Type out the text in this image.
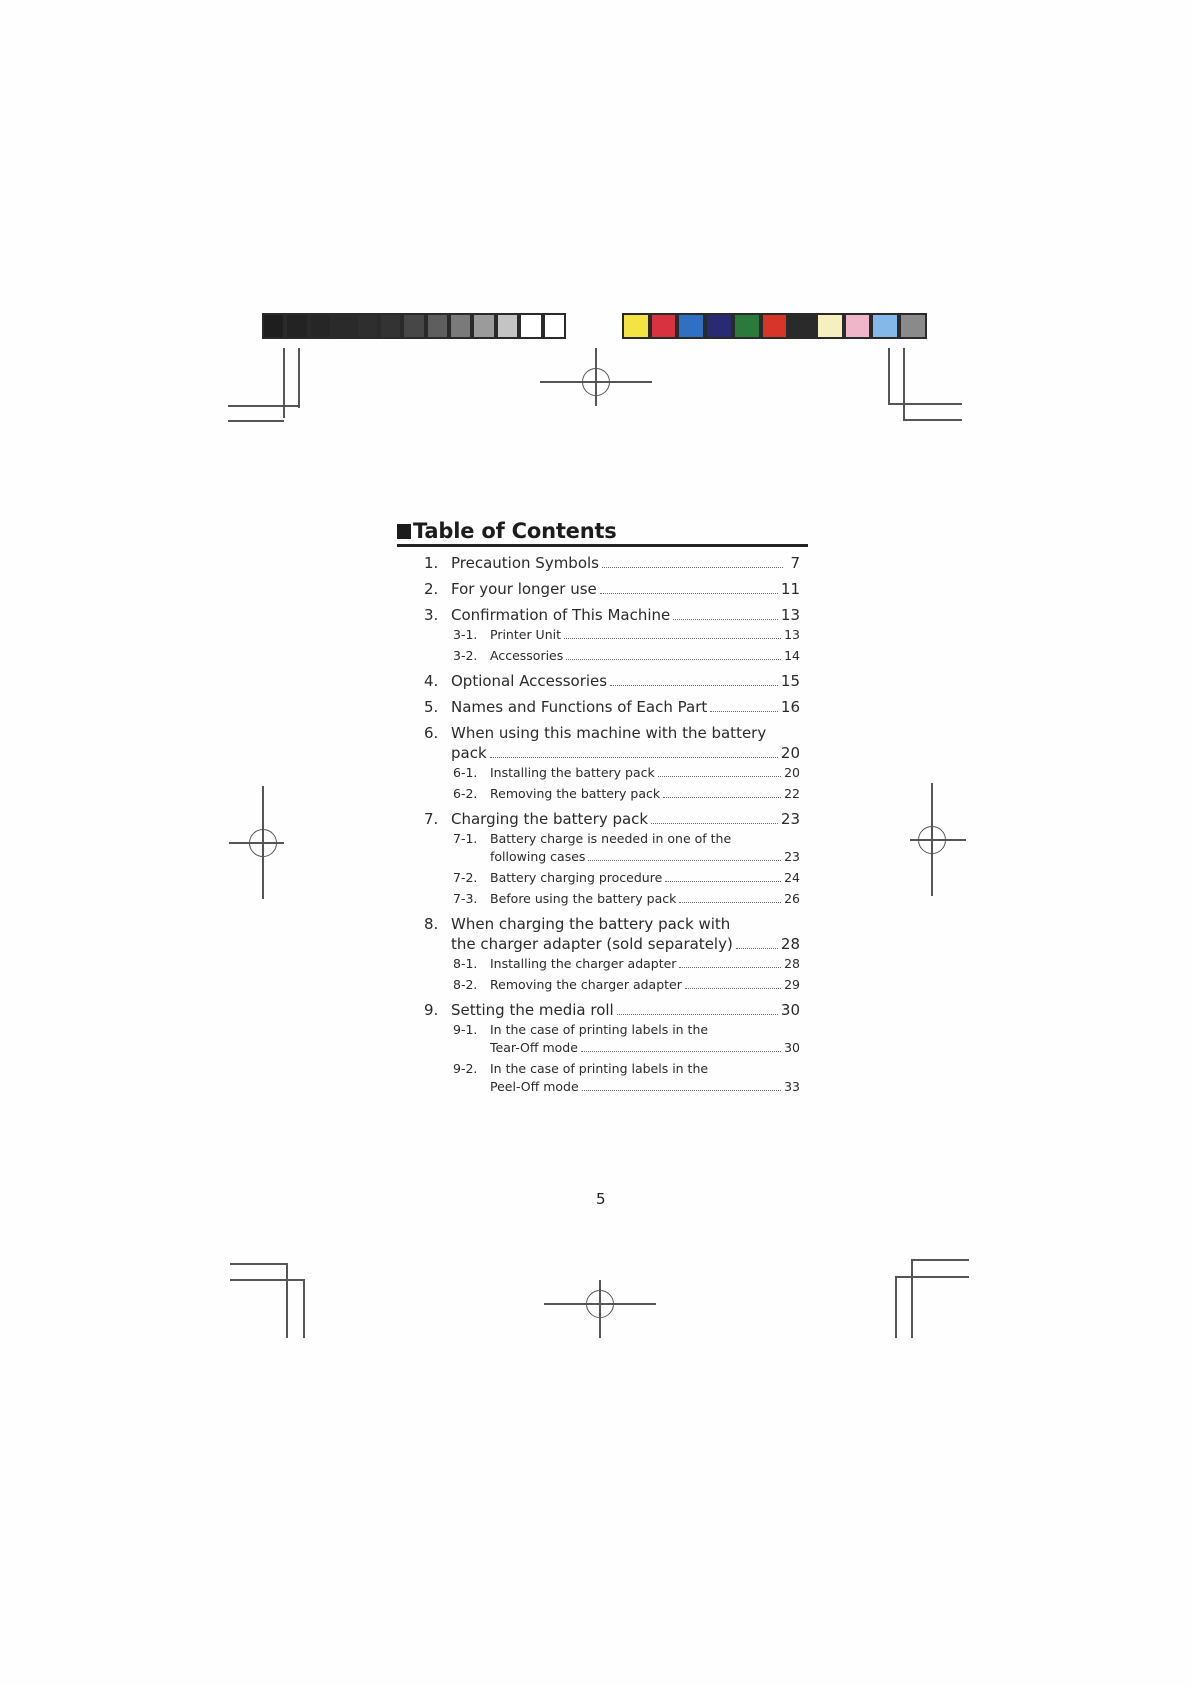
Table of Contents
1. Precaution Symbols	7
2. For your longer use	11
3. Confirmation of This Machine	13
3-1.	Printer Unit	13
3-2.	Accessories	14
4. Optional Accessories	15
5. Names and Functions of Each Part	16
6. When using this machine with the battery
pack	20
6-1.	Installing the battery pack	20
6-2.	Removing the battery pack	22
7. Charging the battery pack	23
7-1.	Battery charge is needed in one of the
following cases	23
7-2.	Battery charging procedure	24
7-3.	Before using the battery pack	26
8. When charging the battery pack with
the charger adapter (sold separately)	28
8-1.	Installing the charger adapter	28
8-2.	Removing the charger adapter	29
9. Setting the media roll	30
9-1.	In the case of printing labels in the
Tear-Off mode	30
9-2.	In the case of printing labels in the
Peel-Off mode	33
5
